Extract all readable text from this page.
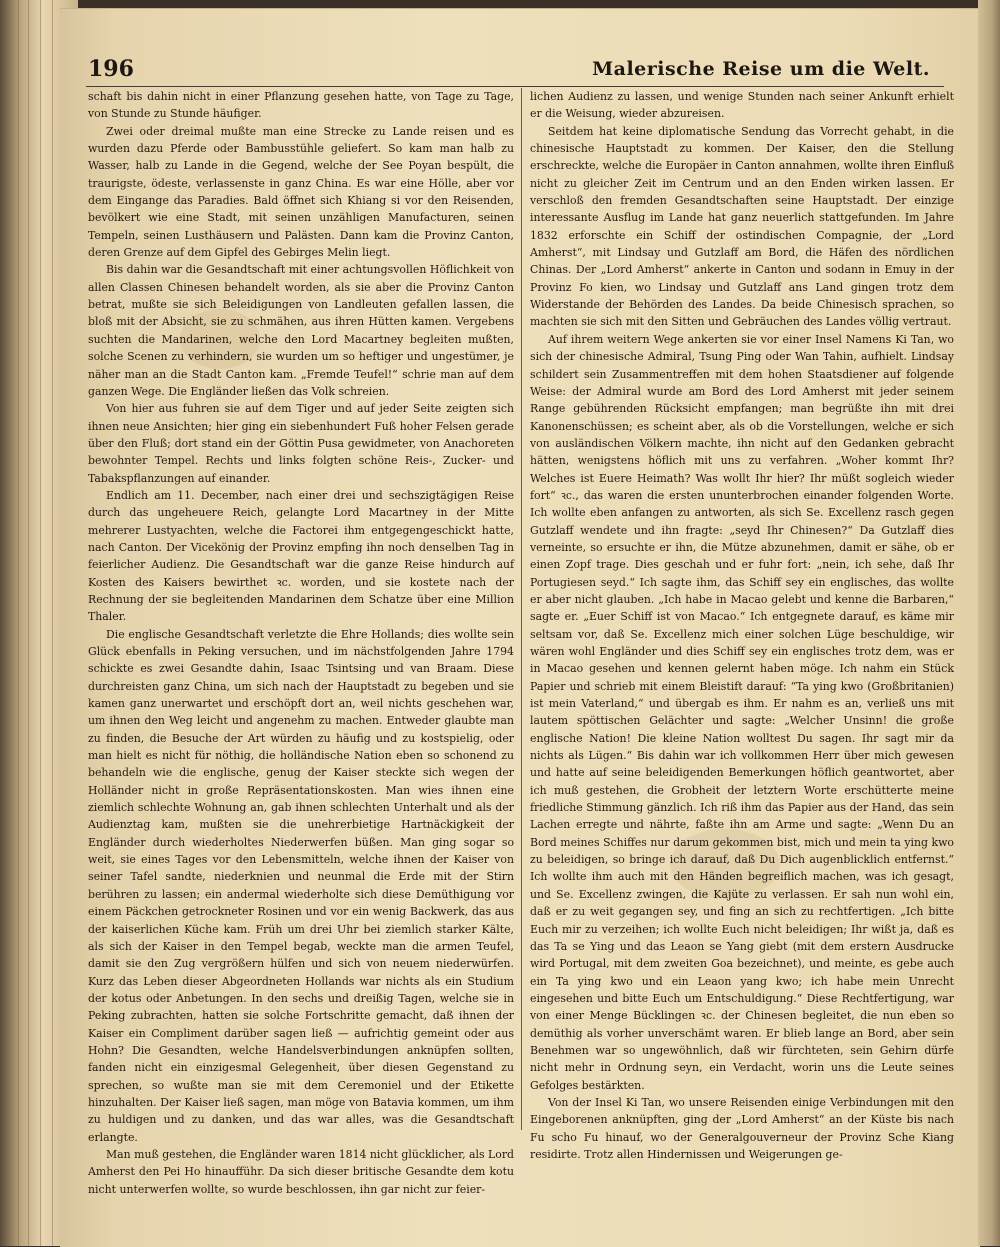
196	Malerische Reise um die Welt.

schaft bis dahin nicht in einer Pflanzung gesehen hatte, von Tage zu Tage, von Stunde zu Stunde häufiger.

Zwei oder dreimal mußte man eine Strecke zu Lande reisen und es wurden dazu Pferde oder Bambusstühle geliefert. So kam man halb zu Wasser, halb zu Lande in die Gegend, welche der See Poyan bespült, die traurigste, ödeste, verlassenste in ganz China. Es war eine Hölle, aber vor dem Eingange das Paradies. Bald öffnet sich Khiang si vor den Reisenden, bevölkert wie eine Stadt, mit seinen unzähligen Manufacturen, seinen Tempeln, seinen Lusthäusern und Palästen. Dann kam die Provinz Canton, deren Grenze auf dem Gipfel des Gebirges Melin liegt.

Bis dahin war die Gesandtschaft mit einer achtungsvollen Höflichkeit von allen Classen Chinesen behandelt worden, als sie aber die Provinz Canton betrat, mußte sie sich Beleidigungen von Landleuten gefallen lassen, die bloß mit der Absicht, sie zu schmähen, aus ihren Hütten kamen. Vergebens suchten die Mandarinen, welche den Lord Macartney begleiten mußten, solche Scenen zu verhindern, sie wurden um so heftiger und ungestümer, je näher man an die Stadt Canton kam. „Fremde Teufel!“ schrie man auf dem ganzen Wege. Die Engländer ließen das Volk schreien.

Von hier aus fuhren sie auf dem Tiger und auf jeder Seite zeigten sich ihnen neue Ansichten; hier ging ein siebenhundert Fuß hoher Felsen gerade über den Fluß; dort stand ein der Göttin Pusa gewidmeter, von Anachoreten bewohnter Tempel. Rechts und links folgten schöne Reis-, Zucker- und Tabakspflanzungen auf einander.

Endlich am 11. December, nach einer drei und sechszigtägigen Reise durch das ungeheuere Reich, gelangte Lord Macartney in der Mitte mehrerer Lustyachten, welche die Factorei ihm entgegengeschickt hatte, nach Canton. Der Vicekönig der Provinz empfing ihn noch denselben Tag in feierlicher Audienz. Die Gesandtschaft war die ganze Reise hindurch auf Kosten des Kaisers bewirthet ꝛc. worden, und sie kostete nach der Rechnung der sie begleitenden Mandarinen dem Schatze über eine Million Thaler.

Die englische Gesandtschaft verletzte die Ehre Hollands; dies wollte sein Glück ebenfalls in Peking versuchen, und im nächstfolgenden Jahre 1794 schickte es zwei Gesandte dahin, Isaac Tsintsing und van Braam. Diese durchreisten ganz China, um sich nach der Hauptstadt zu begeben und sie kamen ganz unerwartet und erschöpft dort an, weil nichts geschehen war, um ihnen den Weg leicht und angenehm zu machen. Entweder glaubte man zu finden, die Besuche der Art würden zu häufig und zu kostspielig, oder man hielt es nicht für nöthig, die holländische Nation eben so schonend zu behandeln wie die englische, genug der Kaiser steckte sich wegen der Holländer nicht in große Repräsentationskosten. Man wies ihnen eine ziemlich schlechte Wohnung an, gab ihnen schlechten Unterhalt und als der Audienztag kam, mußten sie die unehrerbietige Hartnäckigkeit der Engländer durch wiederholtes Niederwerfen büßen. Man ging sogar so weit, sie eines Tages vor den Lebensmitteln, welche ihnen der Kaiser von seiner Tafel sandte, niederknien und neunmal die Erde mit der Stirn berühren zu lassen; ein andermal wiederholte sich diese Demüthigung vor einem Päckchen getrockneter Rosinen und vor ein wenig Backwerk, das aus der kaiserlichen Küche kam. Früh um drei Uhr bei ziemlich starker Kälte, als sich der Kaiser in den Tempel begab, weckte man die armen Teufel, damit sie den Zug vergrößern hülfen und sich von neuem niederwürfen. Kurz das Leben dieser Abgeordneten Hollands war nichts als ein Studium der kotus oder Anbetungen. In den sechs und dreißig Tagen, welche sie in Peking zubrachten, hatten sie solche Fortschritte gemacht, daß ihnen der Kaiser ein Compliment darüber sagen ließ — aufrichtig gemeint oder aus Hohn? Die Gesandten, welche Handelsverbindungen anknüpfen sollten, fanden nicht ein einzigesmal Gelegenheit, über diesen Gegenstand zu sprechen, so wußte man sie mit dem Ceremoniel und der Etikette hinzuhalten. Der Kaiser ließ sagen, man möge von Batavia kommen, um ihm zu huldigen und zu danken, und das war alles, was die Gesandtschaft erlangte.

Man muß gestehen, die Engländer waren 1814 nicht glücklicher, als Lord Amherst den Pei Ho hinaufführ. Da sich dieser britische Gesandte dem kotu nicht unterwerfen wollte, so wurde beschlossen, ihn gar nicht zur feier-

lichen Audienz zu lassen, und wenige Stunden nach seiner Ankunft erhielt er die Weisung, wieder abzureisen.

Seitdem hat keine diplomatische Sendung das Vorrecht gehabt, in die chinesische Hauptstadt zu kommen. Der Kaiser, den die Stellung erschreckte, welche die Europäer in Canton annahmen, wollte ihren Einfluß nicht zu gleicher Zeit im Centrum und an den Enden wirken lassen. Er verschloß den fremden Gesandtschaften seine Hauptstadt. Der einzige interessante Ausflug im Lande hat ganz neuerlich stattgefunden. Im Jahre 1832 erforschte ein Schiff der ostindischen Compagnie, der „Lord Amherst“, mit Lindsay und Gutzlaff am Bord, die Häfen des nördlichen Chinas. Der „Lord Amherst“ ankerte in Canton und sodann in Emuy in der Provinz Fo kien, wo Lindsay und Gutzlaff ans Land gingen trotz dem Widerstande der Behörden des Landes. Da beide Chinesisch sprachen, so machten sie sich mit den Sitten und Gebräuchen des Landes völlig vertraut.

Auf ihrem weitern Wege ankerten sie vor einer Insel Namens Ki Tan, wo sich der chinesische Admiral, Tsung Ping oder Wan Tahin, aufhielt. Lindsay schildert sein Zusammentreffen mit dem hohen Staatsdiener auf folgende Weise: der Admiral wurde am Bord des Lord Amherst mit jeder seinem Range gebührenden Rücksicht empfangen; man begrüßte ihn mit drei Kanonenschüssen; es scheint aber, als ob die Vorstellungen, welche er sich von ausländischen Völkern machte, ihn nicht auf den Gedanken gebracht hätten, wenigstens höflich mit uns zu verfahren. „Woher kommt Ihr? Welches ist Euere Heimath? Was wollt Ihr hier? Ihr müßt sogleich wieder fort“ ꝛc., das waren die ersten ununterbrochen einander folgenden Worte. Ich wollte eben anfangen zu antworten, als sich Se. Excellenz rasch gegen Gutzlaff wendete und ihn fragte: „seyd Ihr Chinesen?“ Da Gutzlaff dies verneinte, so ersuchte er ihn, die Mütze abzunehmen, damit er sähe, ob er einen Zopf trage. Dies geschah und er fuhr fort: „nein, ich sehe, daß Ihr Portugiesen seyd.“ Ich sagte ihm, das Schiff sey ein englisches, das wollte er aber nicht glauben. „Ich habe in Macao gelebt und kenne die Barbaren,“ sagte er. „Euer Schiff ist von Macao.“ Ich entgegnete darauf, es käme mir seltsam vor, daß Se. Excellenz mich einer solchen Lüge beschuldige, wir wären wohl Engländer und dies Schiff sey ein englisches trotz dem, was er in Macao gesehen und kennen gelernt haben möge. Ich nahm ein Stück Papier und schrieb mit einem Bleistift darauf: “Ta ying kwo (Großbritanien) ist mein Vaterland,“ und übergab es ihm. Er nahm es an, verließ uns mit lautem spöttischen Gelächter und sagte: „Welcher Unsinn! die große englische Nation! Die kleine Nation wolltest Du sagen. Ihr sagt mir da nichts als Lügen.“ Bis dahin war ich vollkommen Herr über mich gewesen und hatte auf seine beleidigenden Bemerkungen höflich geantwortet, aber ich muß gestehen, die Grobheit der letztern Worte erschütterte meine friedliche Stimmung gänzlich. Ich riß ihm das Papier aus der Hand, das sein Lachen erregte und nährte, faßte ihn am Arme und sagte: „Wenn Du an Bord meines Schiffes nur darum gekommen bist, mich und mein ta ying kwo zu beleidigen, so bringe ich darauf, daß Du Dich augenblicklich entfernst.“ Ich wollte ihm auch mit den Händen begreiflich machen, was ich gesagt, und Se. Excellenz zwingen, die Kajüte zu verlassen. Er sah nun wohl ein, daß er zu weit gegangen sey, und fing an sich zu rechtfertigen. „Ich bitte Euch mir zu verzeihen; ich wollte Euch nicht beleidigen; Ihr wißt ja, daß es das Ta se Ying und das Leaon se Yang giebt (mit dem erstern Ausdrucke wird Portugal, mit dem zweiten Goa bezeichnet), und meinte, es gebe auch ein Ta ying kwo und ein Leaon yang kwo; ich habe mein Unrecht eingesehen und bitte Euch um Entschuldigung.“ Diese Rechtfertigung, war von einer Menge Bücklingen ꝛc. der Chinesen begleitet, die nun eben so demüthig als vorher unverschämt waren. Er blieb lange an Bord, aber sein Benehmen war so ungewöhnlich, daß wir fürchteten, sein Gehirn dürfe nicht mehr in Ordnung seyn, ein Verdacht, worin uns die Leute seines Gefolges bestärkten.

Von der Insel Ki Tan, wo unsere Reisenden einige Verbindungen mit den Eingeborenen anknüpften, ging der „Lord Amherst“ an der Küste bis nach Fu scho Fu hinauf, wo der Generalgouverneur der Provinz Sche Kiang residirte. Trotz allen Hindernissen und Weigerungen ge-
